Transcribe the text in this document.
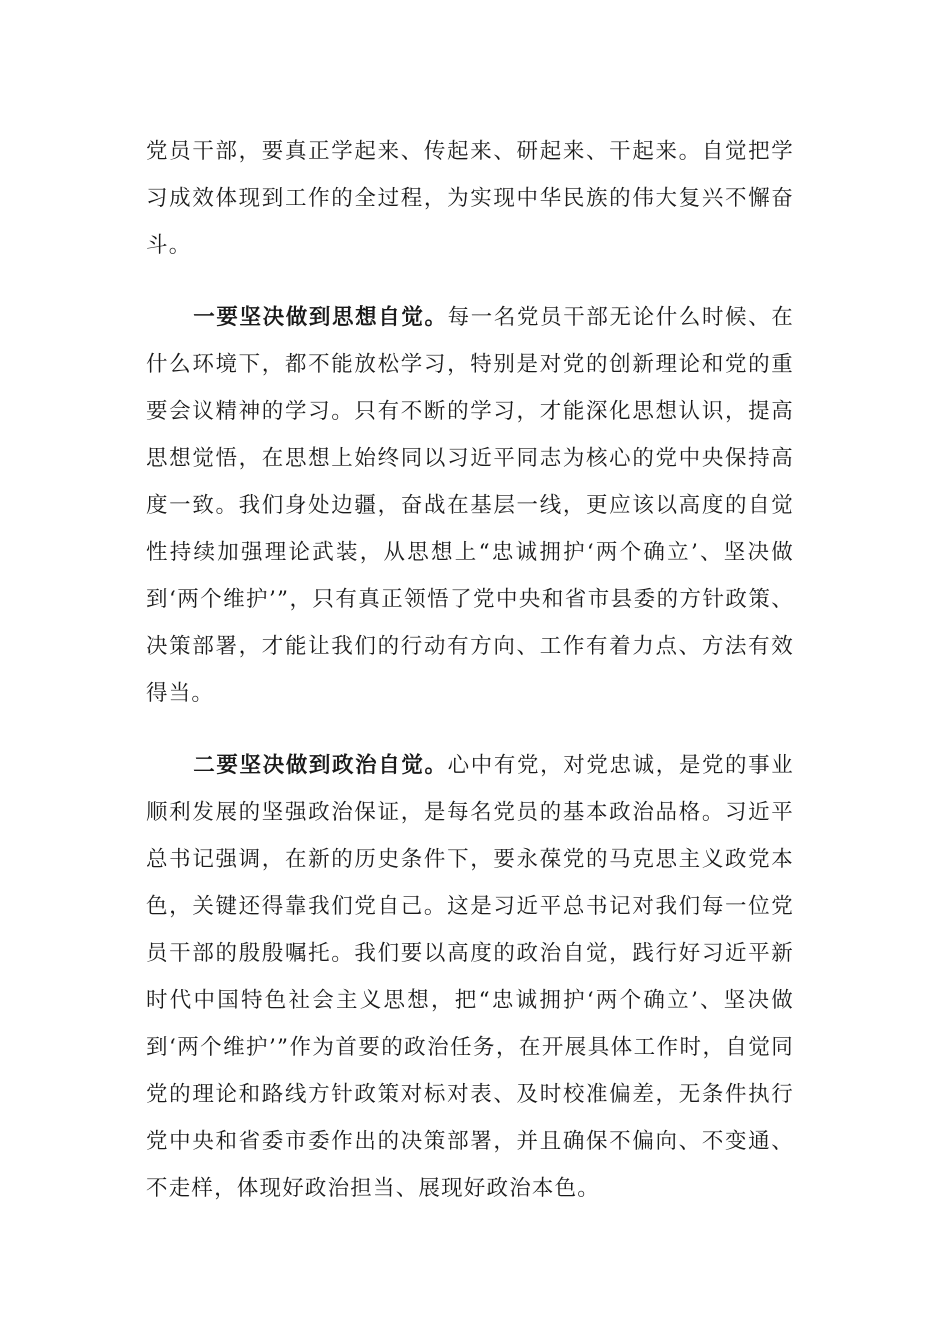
党员干部，要真正学起来、传起来、研起来、干起来。自觉把学习成效体现到工作的全过程，为实现中华民族的伟大复兴不懈奋斗。

一要坚决做到思想自觉。每一名党员干部无论什么时候、在什么环境下，都不能放松学习，特别是对党的创新理论和党的重要会议精神的学习。只有不断的学习，才能深化思想认识，提高思想觉悟，在思想上始终同以习近平同志为核心的党中央保持高度一致。我们身处边疆，奋战在基层一线，更应该以高度的自觉性持续加强理论武装，从思想上“忠诚拥护‘两个确立’、坚决做到‘两个维护’”，只有真正领悟了党中央和省市县委的方针政策、决策部署，才能让我们的行动有方向、工作有着力点、方法有效得当。

二要坚决做到政治自觉。心中有党，对党忠诚，是党的事业顺利发展的坚强政治保证，是每名党员的基本政治品格。习近平总书记强调，在新的历史条件下，要永葆党的马克思主义政党本色，关键还得靠我们党自己。这是习近平总书记对我们每一位党员干部的殷殷嘱托。我们要以高度的政治自觉，践行好习近平新时代中国特色社会主义思想，把“忠诚拥护‘两个确立’、坚决做到‘两个维护’”作为首要的政治任务，在开展具体工作时，自觉同党的理论和路线方针政策对标对表、及时校准偏差，无条件执行党中央和省委市委作出的决策部署，并且确保不偏向、不变通、不走样，体现好政治担当、展现好政治本色。
